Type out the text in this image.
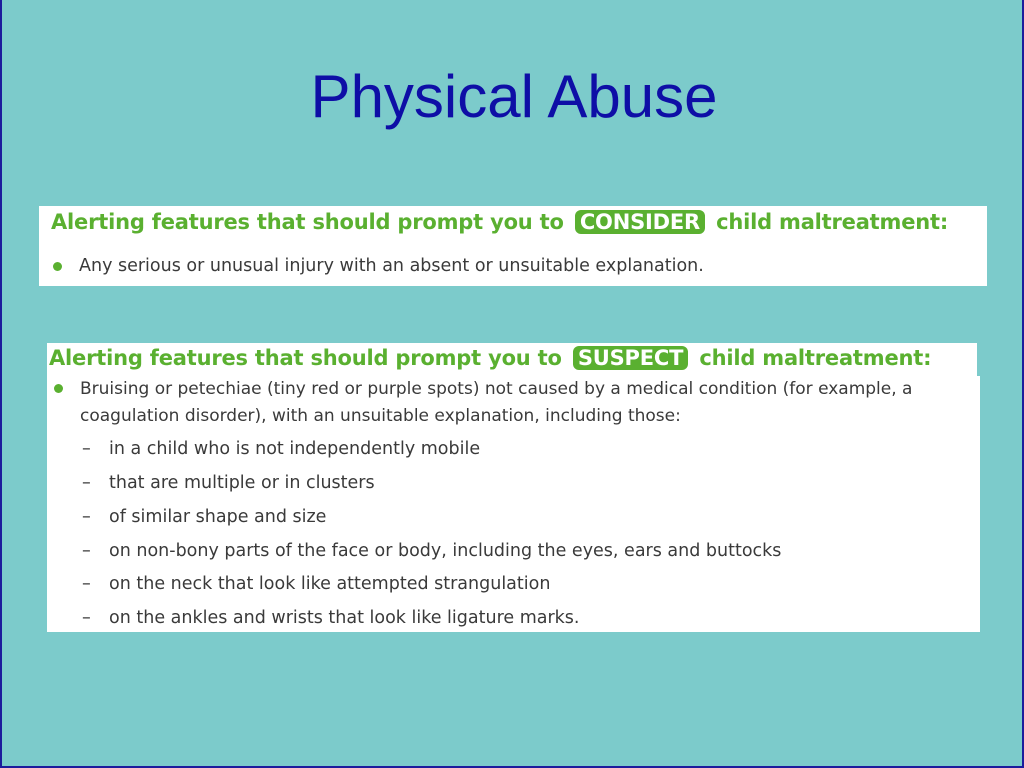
Physical Abuse
Alerting features that should prompt you to CONSIDER child maltreatment:
Any serious or unusual injury with an absent or unsuitable explanation.
Alerting features that should prompt you to SUSPECT child maltreatment:
Bruising or petechiae (tiny red or purple spots) not caused by a medical condition (for example, a
coagulation disorder), with an unsuitable explanation, including those:
– in a child who is not independently mobile
– that are multiple or in clusters
– of similar shape and size
– on non-bony parts of the face or body, including the eyes, ears and buttocks
– on the neck that look like attempted strangulation
– on the ankles and wrists that look like ligature marks.
